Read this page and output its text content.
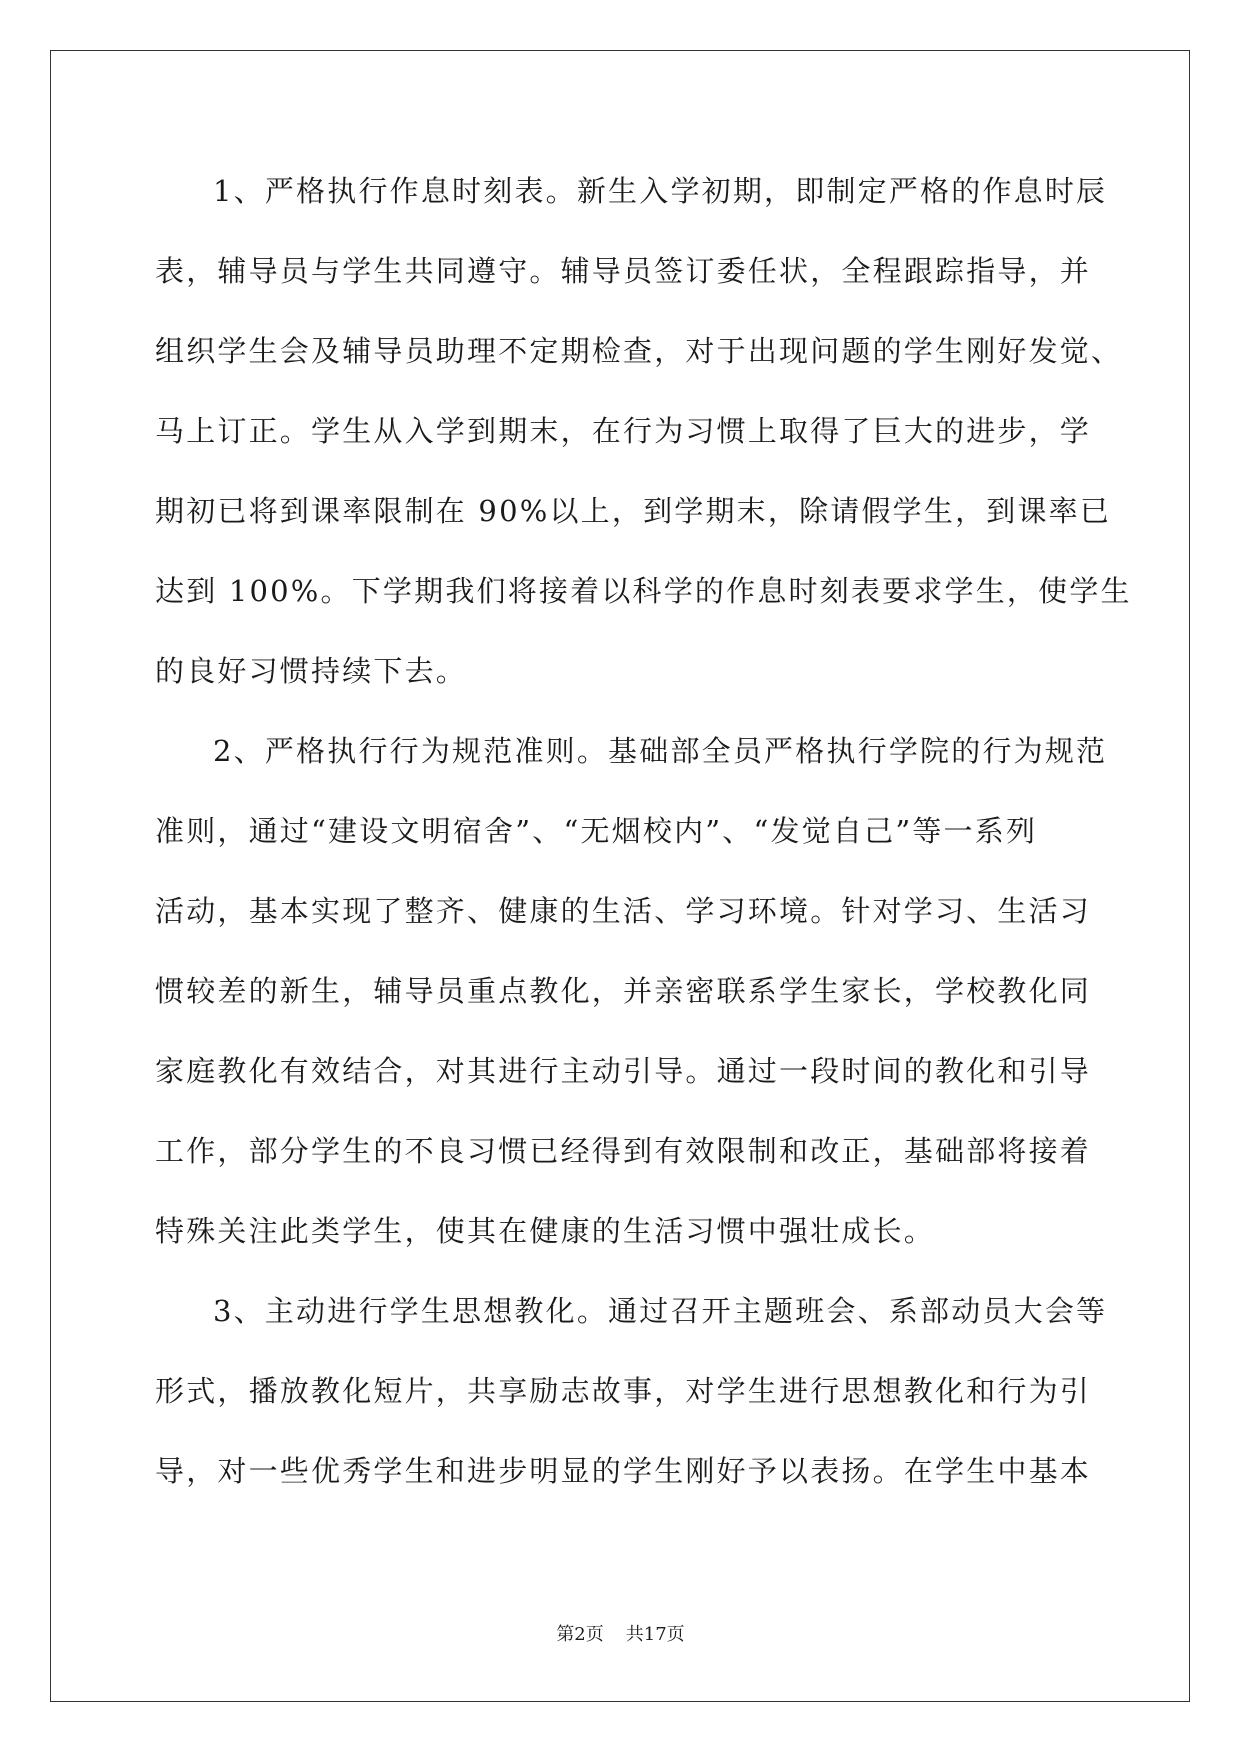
1、严格执行作息时刻表。新生入学初期，即制定严格的作息时辰
表，辅导员与学生共同遵守。辅导员签订委任状，全程跟踪指导，并
组织学生会及辅导员助理不定期检查，对于出现问题的学生刚好发觉、
马上订正。学生从入学到期末，在行为习惯上取得了巨大的进步，学
期初已将到课率限制在 90%以上，到学期末，除请假学生，到课率已
达到 100%。下学期我们将接着以科学的作息时刻表要求学生，使学生
的良好习惯持续下去。
2、严格执行行为规范准则。基础部全员严格执行学院的行为规范
准则，通过“建设文明宿舍”、“无烟校内”、“发觉自己”等一系列
活动，基本实现了整齐、健康的生活、学习环境。针对学习、生活习
惯较差的新生，辅导员重点教化，并亲密联系学生家长，学校教化同
家庭教化有效结合，对其进行主动引导。通过一段时间的教化和引导
工作，部分学生的不良习惯已经得到有效限制和改正，基础部将接着
特殊关注此类学生，使其在健康的生活习惯中强壮成长。
3、主动进行学生思想教化。通过召开主题班会、系部动员大会等
形式，播放教化短片，共享励志故事，对学生进行思想教化和行为引
导，对一些优秀学生和进步明显的学生刚好予以表扬。在学生中基本
第2页 共17页
